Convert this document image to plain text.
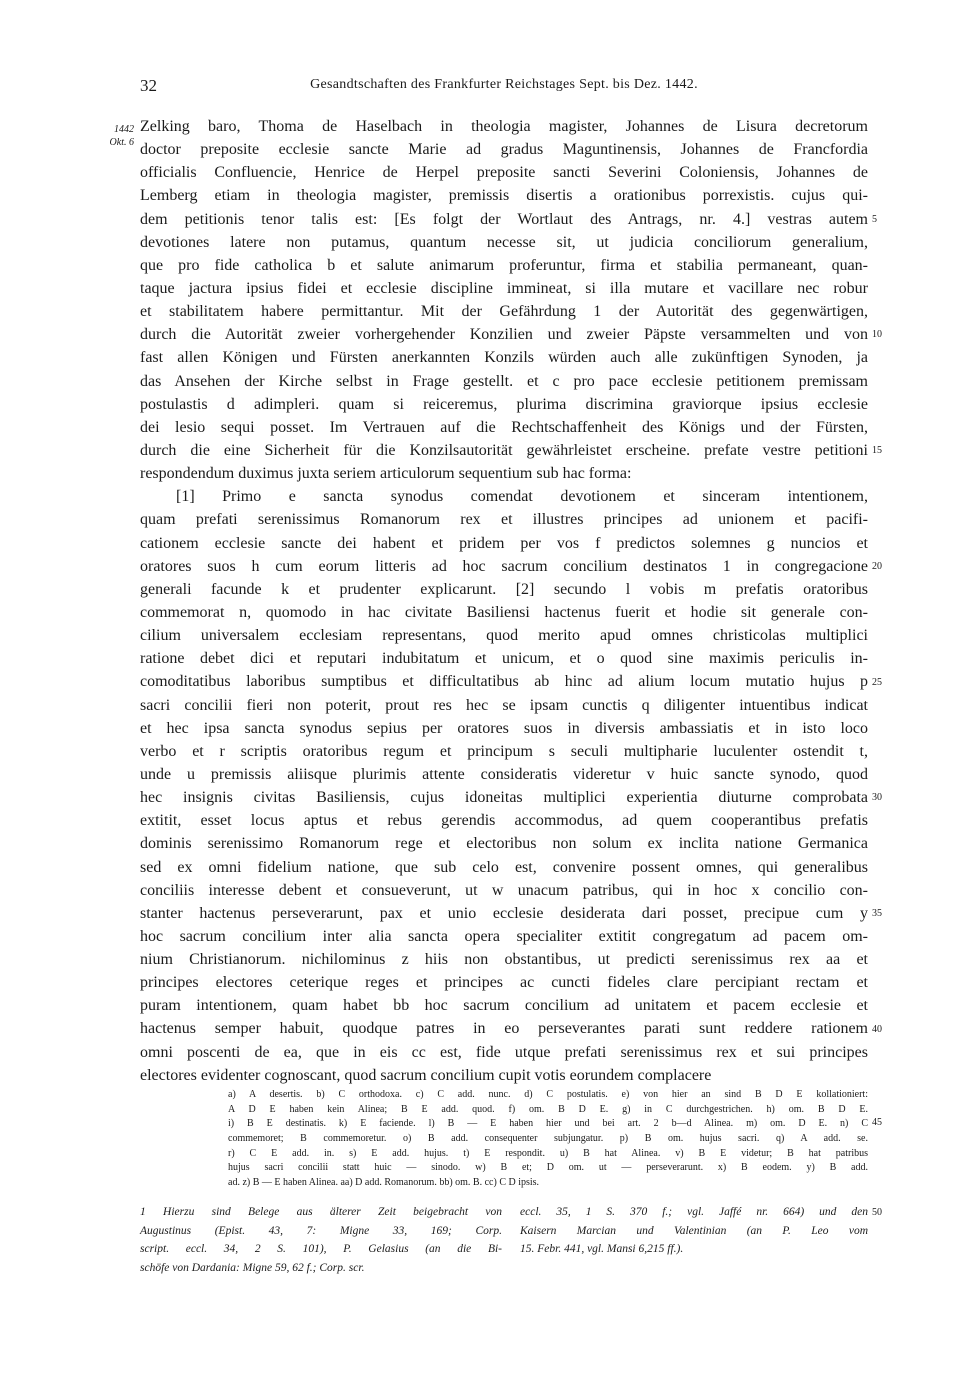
32	Gesandtschaften des Frankfurter Reichstages Sept. bis Dez. 1442.
1442
Okt. 6
Zelking baro, Thoma de Haselbach in theologia magister, Johannes de Lisura decretorum
doctor preposite ecclesie sancte Marie ad gradus Maguntinensis, Johannes de Francfordia
officialis Confluencie, Henrice de Herpel preposite sancti Severini Coloniensis, Johannes de
Lemberg etiam in theologia magister, premissis disertis a orationibus porrexistis. cujus qui-
dem petitionis tenor talis est: [Es folgt der Wortlaut des Antrags, nr. 4.] vestras autem
devotiones latere non putamus, quantum necesse sit, ut judicia conciliorum generalium,
que pro fide catholica b et salute animarum proferuntur, firma et stabilia permaneant, quan-
taque jactura ipsius fidei et ecclesie discipline immineat, si illa mutare et vacillare nec robur
et stabilitatem habere permittantur. Mit der Gefährdung 1 der Autorität des gegenwärtigen,
durch die Autorität zweier vorhergehender Konzilien und zweier Päpste versammelten und von
fast allen Königen und Fürsten anerkannten Konzils würden auch alle zukünftigen Synoden, ja
das Ansehen der Kirche selbst in Frage gestellt. et c pro pace ecclesie petitionem premissam
postulastis d adimpleri. quam si reiceremus, plurima discrimina graviorque ipsius ecclesie
dei lesio sequi posset. Im Vertrauen auf die Rechtschaffenheit des Königs und der Fürsten,
durch die eine Sicherheit für die Konzilsautorität gewährleistet erscheine. prefate vestre petitioni
respondendum duximus juxta seriem articulorum sequentium sub hac forma:
[1] Primo e sancta synodus comendat devotionem et sinceram intentionem,
quam prefati serenissimus Romanorum rex et illustres principes ad unionem et pacifi-
cationem ecclesie sancte dei habent et pridem per vos f predictos solemnes g nuncios et
oratores suos h cum eorum litteris ad hoc sacrum concilium destinatos 1 in congregacione
generali facunde k et prudenter explicarunt. [2] secundo l vobis m prefatis oratoribus
commemorat n, quomodo in hac civitate Basiliensi hactenus fuerit et hodie sit generale con-
cilium universalem ecclesiam representans, quod merito apud omnes christicolas multiplici
ratione debet dici et reputari indubitatum et unicum, et o quod sine maximis periculis in-
comoditatibus laboribus sumptibus et difficultatibus ab hinc ad alium locum mutatio hujus p
sacri concilii fieri non poterit, prout res hec se ipsam cunctis q diligenter intuentibus indicat
et hec ipsa sancta synodus sepius per oratores suos in diversis ambassiatis et in isto loco
verbo et r scriptis oratoribus regum et principum s seculi multipharie luculenter ostendit t,
unde u premissis aliisque plurimis attente consideratis videretur v huic sancte synodo, quod
hec insignis civitas Basiliensis, cujus idoneitas multiplici experientia diuturne comprobata
extitit, esset locus aptus et rebus gerendis accommodus, ad quem cooperantibus prefatis
dominis serenissimo Romanorum rege et electoribus non solum ex inclita natione Germanica
sed ex omni fidelium natione, que sub celo est, convenire possent omnes, qui generalibus
conciliis interesse debent et consueverunt, ut w unacum patribus, qui in hoc x concilio con-
stanter hactenus perseverarunt, pax et unio ecclesie desiderata dari posset, precipue cum y
hoc sacrum concilium inter alia sancta opera specialiter extitit congregatum ad pacem om-
nium Christianorum. nichilominus z hiis non obstantibus, ut predicti serenissimus rex aa et
principes electores ceterique reges et principes ac cuncti fideles clare percipiant rectam et
puram intentionem, quam habet bb hoc sacrum concilium ad unitatem et pacem ecclesie et
hactenus semper habuit, quodque patres in eo perseverantes parati sunt reddere rationem
omni poscenti de ea, que in eis cc est, fide utque prefati serenissimus rex et sui principes
electores evidenter cognoscant, quod sacrum concilium cupit votis eorundem complacere
5
10
15
20
25
30
35
40
45
50
a) A desertis. b) C orthodoxa. c) C add. nunc. d) C postulatis. e) von hier an sind B D E kollationiert:
A D E haben kein Alinea; B E add. quod. f) om. B D E. g) in C durchgestrichen. h) om. B D E.
i) B E destinatis. k) E faciende. l) B — E haben hier und bei art. 2 b—d Alinea. m) om. D E. n) C
commemoret; B commemoretur. o) B add. consequenter subjungatur. p) B om. hujus sacri. q) A add. se.
r) C E add. in. s) E add. hujus. t) E respondit. u) B hat Alinea. v) B E videtur; B hat patribus
hujus sacri concilii statt huic — sinodo. w) B et; D om. ut — perseverarunt. x) B eodem. y) B add.
ad. z) B — E haben Alinea. aa) D add. Romanorum. bb) om. B. cc) C D ipsis.
1 Hierzu sind Belege aus älterer Zeit beigebracht von
Augustinus (Epist. 43, 7: Migne 33, 169; Corp.
script. eccl. 34, 2 S. 101), P. Gelasius (an die Bi-
schöfe von Dardania: Migne 59, 62 f.; Corp. scr.
eccl. 35, 1 S. 370 f.; vgl. Jaffé nr. 664) und den
Kaisern Marcian und Valentinian (an P. Leo vom
15. Febr. 441, vgl. Mansi 6,215 ff.).
